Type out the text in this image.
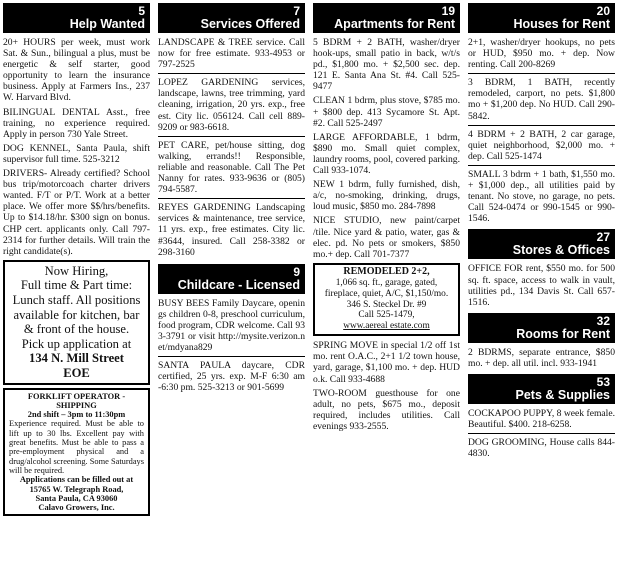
5
Help Wanted

20+ HOURS per week, must work Sat. & Sun., bilingual a plus, must be energetic & self starter, good opportunity to learn the insurance business. Apply at Farmers Ins., 237 W. Harvard Blvd.

BILINGUAL DENTAL Asst., free training, no experience required. Apply in person 730 Yale Street.

DOG KENNEL, Santa Paula, shift supervisor full time. 525-3212

DRIVERS- Already certified? School bus trip/motorcoach charter drivers wanted. F/T or P/T. Work at a better place. We offer more $$/hrs/benefits. Up to $14.18/hr. $300 sign on bonus. CHP cert. applicants only. Call 797-2314 for further details. Will train the right candidate(s).

Now Hiring,
Full time & Part time:
Lunch staff. All positions
available for kitchen, bar
& front of the house.
Pick up application at
134 N. Mill Street
EOE
FORKLIFT OPERATOR -
SHIPPING
2nd shift – 3pm to 11:30pm
Experience required. Must be able to lift up to 30 lbs. Excellent pay with great benefits. Must be able to pass a pre-employment physical and a drug/alcohol screening. Some Saturdays will be required.
Applications can be filled out at
15765 W. Telegraph Road,
Santa Paula, CA 93060
Calavo Growers, Inc.
7
Services Offered

LANDSCAPE & TREE service. Call now for free estimate. 933-4953 or 797-2525

LOPEZ GARDENING services, landscape, lawns, tree trimming, yard cleaning, irrigation, 20 yrs. exp., free est. City lic. 056124. Call cell 889-9209 or 983-6618.

PET CARE, pet/house sitting, dog walking, errands!! Responsible, reliable and reasonable. Call The Pet Nanny for rates. 933-9636 or (805) 794-5587.

REYES GARDENING Landscaping services & maintenance, tree service, 11 yrs. exp., free estimates. City lic. #3644, insured. Call 258-3382 or 298-3160

9
Childcare - Licensed

BUSY BEES Family Daycare, openings children 0-8, preschool curriculum, food program, CDR welcome. Call 933-3791 or visit http://mysite.verizon.net/mdyana829

SANTA PAULA daycare, CDR certified, 25 yrs. exp. M-F 6:30 am -6:30 pm. 525-3213 or 901-5699

19
Apartments for Rent

5 BDRM + 2 BATH, washer/dryer hook-ups, small patio in back, w/t/s pd., $1,800 mo. + $2,500 sec. dep. 121 E. Santa Ana St. #4. Call 525-9477

CLEAN 1 bdrm, plus stove, $785 mo. + $800 dep. 413 Sycamore St. Apt. #2. Call 525-2497

LARGE AFFORDABLE, 1 bdrm, $890 mo. Small quiet complex, laundry rooms, pool, covered parking. Call 933-1074.

NEW 1 bdrm, fully furnished, dish, a/c, no-smoking, drinking, drugs, loud music, $850 mo. 284-7898

NICE STUDIO, new paint/carpet /tile. Nice yard & patio, water, gas & elec. pd. No pets or smokers, $850 mo.+ dep. Call 701-7377

REMODELED 2+2,
1,066 sq. ft., garage, gated,
fireplace, quiet, A/C, $1,150/mo.
346 S. Steckel Dr. #9
Call 525-1479,
www.aereal estate.com

SPRING MOVE in special 1/2 off 1st mo. rent O.A.C., 2+1 1/2 town house, yard, garage, $1,100 mo. + dep. HUD o.k. Call 933-4688

TWO-ROOM guesthouse for one adult, no pets, $675 mo., deposit required, includes utilities. Call evenings 933-2555.

20
Houses for Rent

2+1, washer/dryer hookups, no pets or HUD, $950 mo. + dep. Now renting. Call 200-8269

3 BDRM, 1 BATH, recently remodeled, carport, no pets. $1,800 mo + $1,200 dep. No HUD. Call 290-5842.

4 BDRM + 2 BATH, 2 car garage, quiet neighborhood, $2,000 mo. + dep. Call 525-1474

SMALL 3 bdrm + 1 bath, $1,550 mo. + $1,000 dep., all utilities paid by tenant. No stove, no garage, no pets. Call 524-0474 or 990-1545 or 990-1546.

27
Stores & Offices

OFFICE FOR rent, $550 mo. for 500 sq. ft. space, access to walk in vault, utilities pd., 134 Davis St. Call 657-1516.

32
Rooms for Rent

2 BDRMS, separate entrance, $850 mo. + dep. all util. incl. 933-1941

53
Pets & Supplies

COCKAPOO PUPPY, 8 week female. Beautiful. $400. 218-6258.

DOG GROOMING, House calls 844-4830.
